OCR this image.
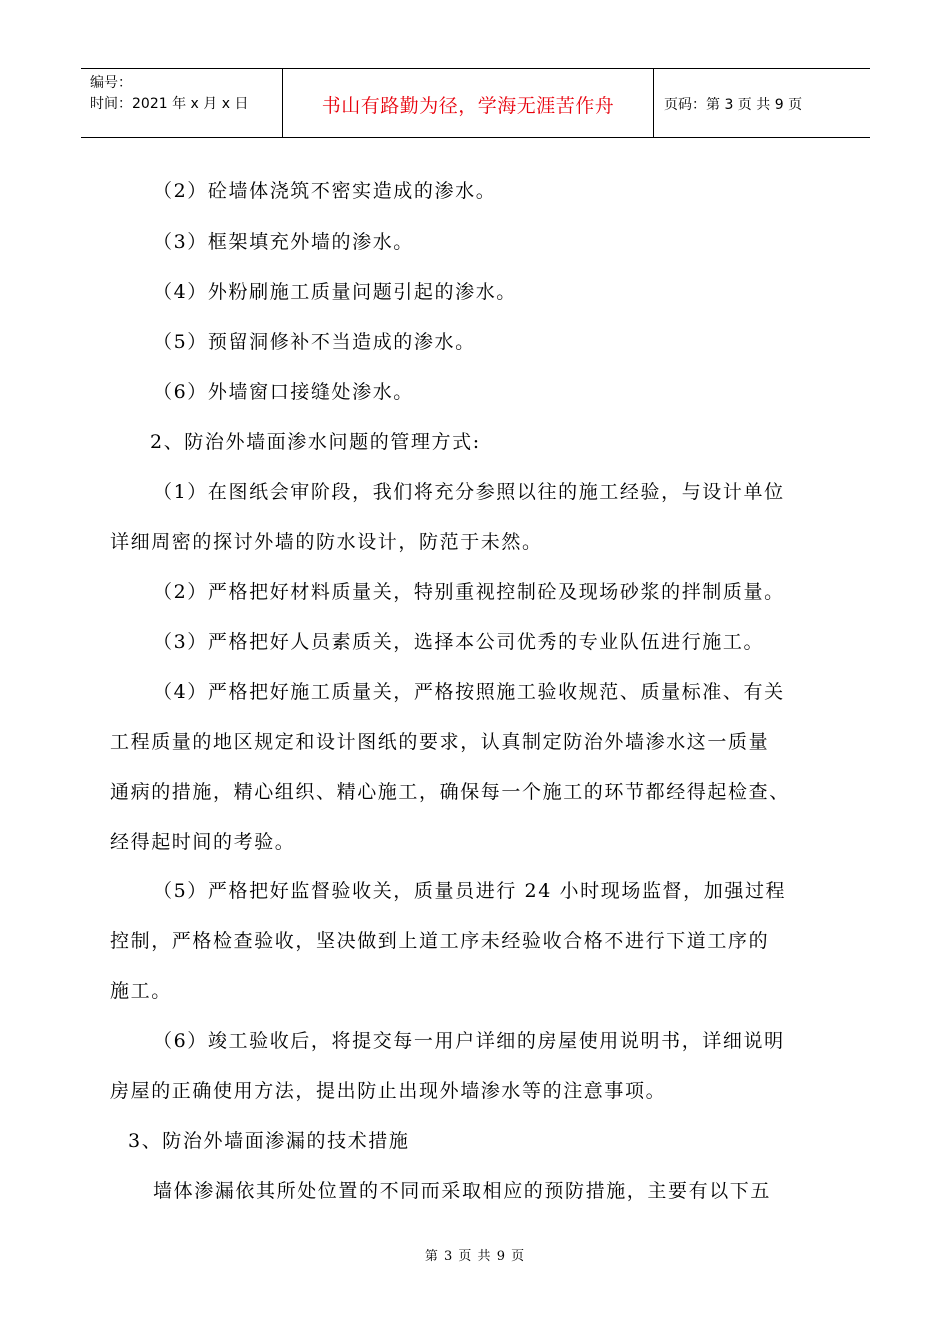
编号：
时间：2021 年 x 月 x 日	书山有路勤为径，学海无涯苦作舟	页码：第 3 页 共 9 页
（2）砼墙体浇筑不密实造成的渗水。
（3）框架填充外墙的渗水。
（4）外粉刷施工质量问题引起的渗水。
（5）预留洞修补不当造成的渗水。
（6）外墙窗口接缝处渗水。
2、防治外墙面渗水问题的管理方式:
（1）在图纸会审阶段，我们将充分参照以往的施工经验，与设计单位
详细周密的探讨外墙的防水设计，防范于未然。
（2）严格把好材料质量关，特别重视控制砼及现场砂浆的拌制质量。
（3）严格把好人员素质关，选择本公司优秀的专业队伍进行施工。
（4）严格把好施工质量关，严格按照施工验收规范、质量标准、有关
工程质量的地区规定和设计图纸的要求，认真制定防治外墙渗水这一质量
通病的措施，精心组织、精心施工，确保每一个施工的环节都经得起检查、
经得起时间的考验。
（5）严格把好监督验收关，质量员进行 24 小时现场监督，加强过程
控制，严格检查验收，坚决做到上道工序未经验收合格不进行下道工序的
施工。
（6）竣工验收后，将提交每一用户详细的房屋使用说明书，详细说明
房屋的正确使用方法，提出防止出现外墙渗水等的注意事项。
3、防治外墙面渗漏的技术措施
墙体渗漏依其所处位置的不同而采取相应的预防措施，主要有以下五
第 3 页 共 9 页
